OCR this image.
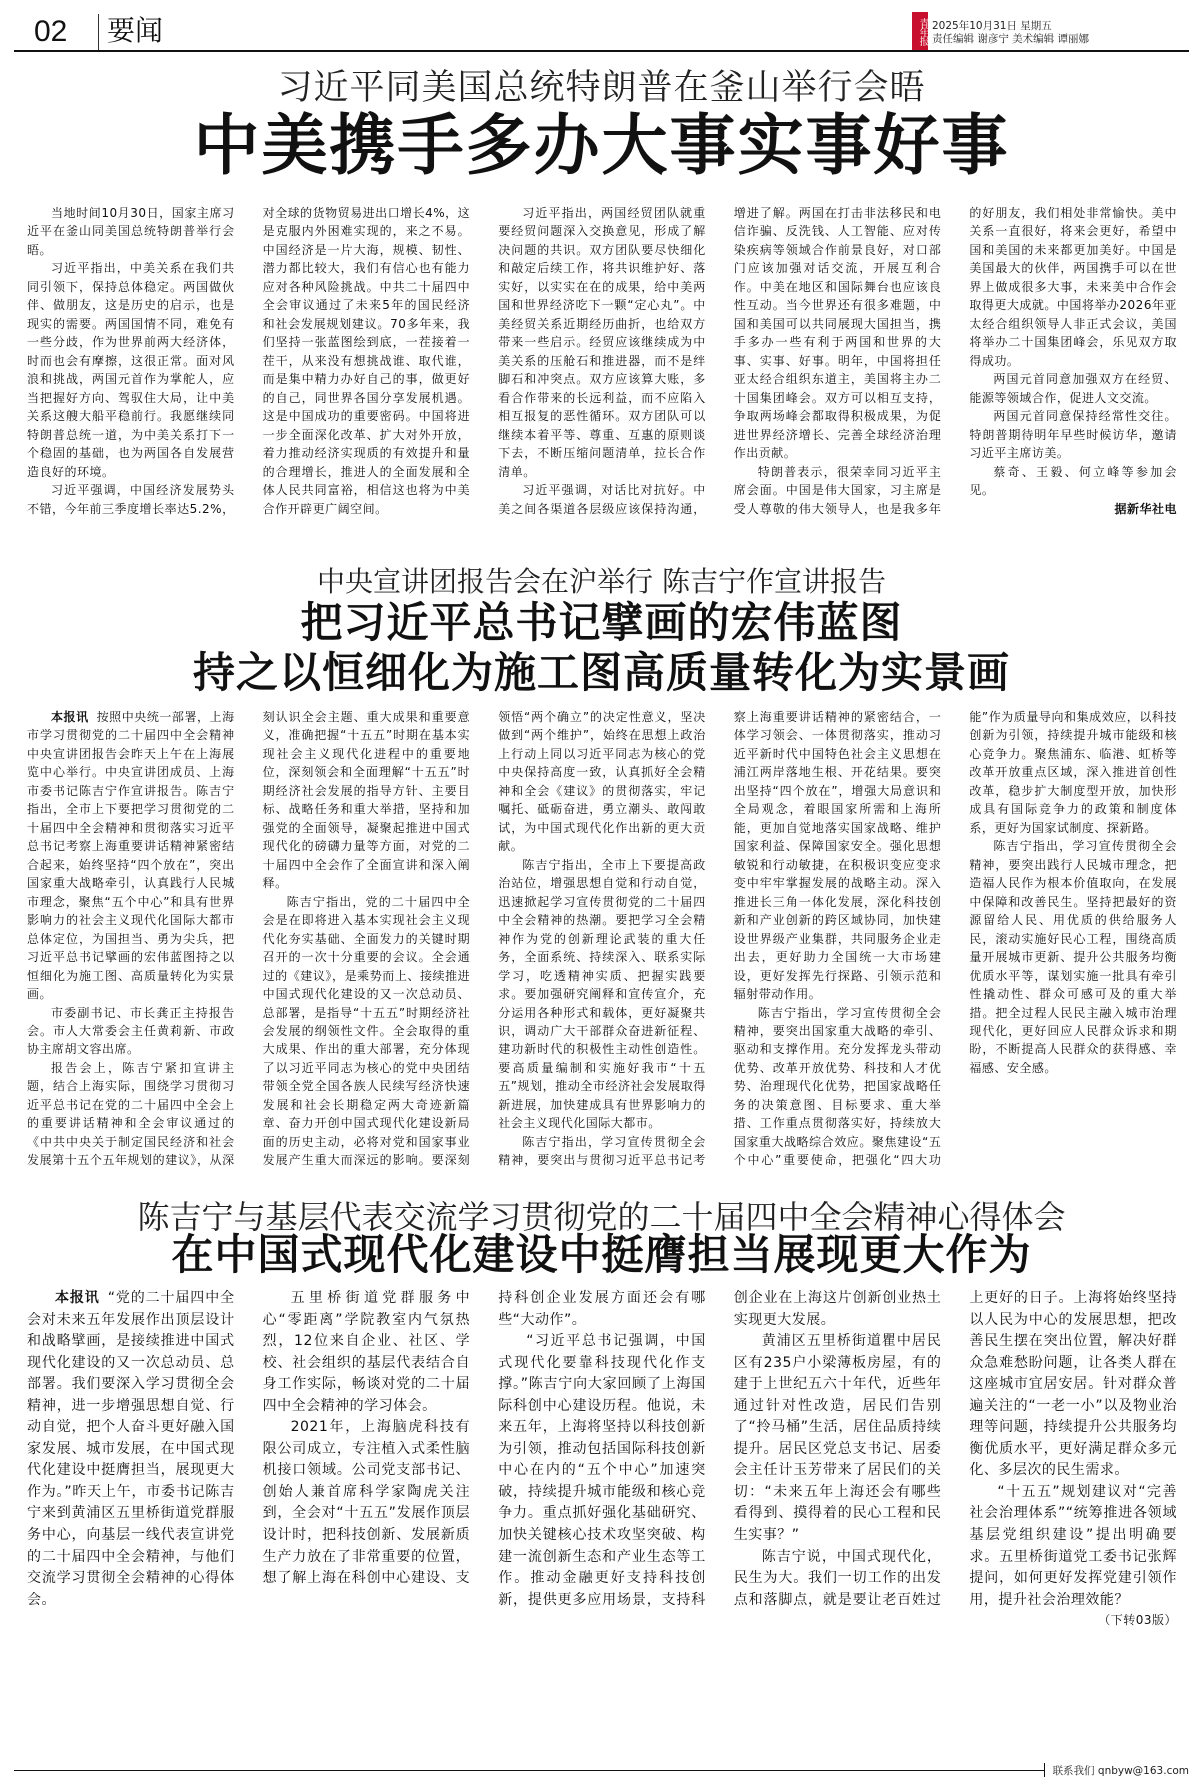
02 要闻	青年报 2025年10月31日 星期五
责任编辑 谢彦宁 美术编辑 谭丽娜
习近平同美国总统特朗普在釜山举行会晤
中美携手多办大事实事好事

当地时间10月30日，国家主席习近平在釜山同美国总统特朗普举行会晤。

习近平指出，中美关系在我们共同引领下，保持总体稳定。两国做伙伴、做朋友，这是历史的启示，也是现实的需要。两国国情不同，难免有一些分歧，作为世界前两大经济体，时而也会有摩擦，这很正常。面对风浪和挑战，两国元首作为掌舵人，应当把握好方向、驾驭住大局，让中美关系这艘大船平稳前行。我愿继续同特朗普总统一道，为中美关系打下一个稳固的基础，也为两国各自发展营造良好的环境。

习近平强调，中国经济发展势头不错，今年前三季度增长率达5.2%，对全球的货物贸易进出口增长4%，这是克服内外困难实现的，来之不易。中国经济是一片大海，规模、韧性、潜力都比较大，我们有信心也有能力应对各种风险挑战。中共二十届四中全会审议通过了未来5年的国民经济和社会发展规划建议。70多年来，我们坚持一张蓝图绘到底，一茬接着一茬干，从来没有想挑战谁、取代谁，而是集中精力办好自己的事，做更好的自己，同世界各国分享发展机遇。这是中国成功的重要密码。中国将进一步全面深化改革、扩大对外开放，着力推动经济实现质的有效提升和量的合理增长，推进人的全面发展和全体人民共同富裕，相信这也将为中美合作开辟更广阔空间。

习近平指出，两国经贸团队就重要经贸问题深入交换意见，形成了解决问题的共识。双方团队要尽快细化和敲定后续工作，将共识维护好、落实好，以实实在在的成果，给中美两国和世界经济吃下一颗“定心丸”。中美经贸关系近期经历曲折，也给双方带来一些启示。经贸应该继续成为中美关系的压舱石和推进器，而不是绊脚石和冲突点。双方应该算大账，多看合作带来的长远利益，而不应陷入相互报复的恶性循环。双方团队可以继续本着平等、尊重、互惠的原则谈下去，不断压缩问题清单，拉长合作清单。

习近平强调，对话比对抗好。中美之间各渠道各层级应该保持沟通，增进了解。两国在打击非法移民和电信诈骗、反洗钱、人工智能、应对传染疾病等领域合作前景良好，对口部门应该加强对话交流，开展互利合作。中美在地区和国际舞台也应该良性互动。当今世界还有很多难题，中国和美国可以共同展现大国担当，携手多办一些有利于两国和世界的大事、实事、好事。明年，中国将担任亚太经合组织东道主，美国将主办二十国集团峰会。双方可以相互支持，争取两场峰会都取得积极成果，为促进世界经济增长、完善全球经济治理作出贡献。

特朗普表示，很荣幸同习近平主席会面。中国是伟大国家，习主席是受人尊敬的伟大领导人，也是我多年的好朋友，我们相处非常愉快。美中关系一直很好，将来会更好，希望中国和美国的未来都更加美好。中国是美国最大的伙伴，两国携手可以在世界上做成很多大事，未来美中合作会取得更大成就。中国将举办2026年亚太经合组织领导人非正式会议，美国将举办二十国集团峰会，乐见双方取得成功。

两国元首同意加强双方在经贸、能源等领域合作，促进人文交流。

两国元首同意保持经常性交往。特朗普期待明年早些时候访华，邀请习近平主席访美。

蔡奇、王毅、何立峰等参加会见。

据新华社电

中央宣讲团报告会在沪举行 陈吉宁作宣讲报告
把习近平总书记擘画的宏伟蓝图
持之以恒细化为施工图高质量转化为实景画

本报讯 按照中央统一部署，上海市学习贯彻党的二十届四中全会精神中央宣讲团报告会昨天上午在上海展览中心举行。中央宣讲团成员、上海市委书记陈吉宁作宣讲报告。陈吉宁指出，全市上下要把学习贯彻党的二十届四中全会精神和贯彻落实习近平总书记考察上海重要讲话精神紧密结合起来，始终坚持“四个放在”，突出国家重大战略牵引，认真践行人民城市理念，聚焦“五个中心”和具有世界影响力的社会主义现代化国际大都市总体定位，为国担当、勇为尖兵，把习近平总书记擘画的宏伟蓝图持之以恒细化为施工图、高质量转化为实景画。

市委副书记、市长龚正主持报告会。市人大常委会主任黄莉新、市政协主席胡文容出席。

报告会上，陈吉宁紧扣宣讲主题，结合上海实际，围绕学习贯彻习近平总书记在党的二十届四中全会上的重要讲话精神和全会审议通过的《中共中央关于制定国民经济和社会发展第十五个五年规划的建议》，从深刻认识全会主题、重大成果和重要意义，准确把握“十五五”时期在基本实现社会主义现代化进程中的重要地位，深刻领会和全面理解“十五五”时期经济社会发展的指导方针、主要目标、战略任务和重大举措，坚持和加强党的全面领导，凝聚起推进中国式现代化的磅礴力量等方面，对党的二十届四中全会作了全面宣讲和深入阐释。

陈吉宁指出，党的二十届四中全会是在即将进入基本实现社会主义现代化夯实基础、全面发力的关键时期召开的一次十分重要的会议。全会通过的《建议》，是乘势而上、接续推进中国式现代化建设的又一次总动员、总部署，是指导“十五五”时期经济社会发展的纲领性文件。全会取得的重大成果、作出的重大部署，充分体现了以习近平同志为核心的党中央团结带领全党全国各族人民续写经济快速发展和社会长期稳定两大奇迹新篇章、奋力开创中国式现代化建设新局面的历史主动，必将对党和国家事业发展产生重大而深远的影响。要深刻领悟“两个确立”的决定性意义，坚决做到“两个维护”，始终在思想上政治上行动上同以习近平同志为核心的党中央保持高度一致，认真抓好全会精神和全会《建议》的贯彻落实，牢记嘱托、砥砺奋进，勇立潮头、敢闯敢试，为中国式现代化作出新的更大贡献。

陈吉宁指出，全市上下要提高政治站位，增强思想自觉和行动自觉，迅速掀起学习宣传贯彻党的二十届四中全会精神的热潮。要把学习全会精神作为党的创新理论武装的重大任务，全面系统、持续深入、联系实际学习，吃透精神实质、把握实践要求。要加强研究阐释和宣传宣介，充分运用各种形式和载体，更好凝聚共识，调动广大干部群众奋进新征程、建功新时代的积极性主动性创造性。要高质量编制和实施好我市“十五五”规划，推动全市经济社会发展取得新进展，加快建成具有世界影响力的社会主义现代化国际大都市。

陈吉宁指出，学习宣传贯彻全会精神，要突出与贯彻习近平总书记考察上海重要讲话精神的紧密结合，一体学习领会、一体贯彻落实，推动习近平新时代中国特色社会主义思想在浦江两岸落地生根、开花结果。要突出坚持“四个放在”，增强大局意识和全局观念，着眼国家所需和上海所能，更加自觉地落实国家战略、维护国家利益、保障国家安全。强化思想敏锐和行动敏捷，在积极识变应变求变中牢牢掌握发展的战略主动。深入推进长三角一体化发展，深化科技创新和产业创新的跨区域协同，加快建设世界级产业集群，共同服务企业走出去，更好助力全国统一大市场建设，更好发挥先行探路、引领示范和辐射带动作用。

陈吉宁指出，学习宣传贯彻全会精神，要突出国家重大战略的牵引、驱动和支撑作用。充分发挥龙头带动优势、改革开放优势、科技和人才优势、治理现代化优势，把国家战略任务的决策意图、目标要求、重大举措、工作重点贯彻落实好，持续放大国家重大战略综合效应。聚焦建设“五个中心”重要使命，把强化“四大功能”作为质量导向和集成效应，以科技创新为引领，持续提升城市能级和核心竞争力。聚焦浦东、临港、虹桥等改革开放重点区域，深入推进首创性改革，稳步扩大制度型开放，加快形成具有国际竞争力的政策和制度体系，更好为国家试制度、探新路。

陈吉宁指出，学习宣传贯彻全会精神，要突出践行人民城市理念，把造福人民作为根本价值取向，在发展中保障和改善民生。坚持把最好的资源留给人民、用优质的供给服务人民，滚动实施好民心工程，围绕高质量开展城市更新、提升公共服务均衡优质水平等，谋划实施一批具有牵引性撬动性、群众可感可及的重大举措。把全过程人民民主融入城市治理现代化，更好回应人民群众诉求和期盼，不断提高人民群众的获得感、幸福感、安全感。

陈吉宁与基层代表交流学习贯彻党的二十届四中全会精神心得体会
在中国式现代化建设中挺膺担当展现更大作为

本报讯 “党的二十届四中全会对未来五年发展作出顶层设计和战略擘画，是接续推进中国式现代化建设的又一次总动员、总部署。我们要深入学习贯彻全会精神，进一步增强思想自觉、行动自觉，把个人奋斗更好融入国家发展、城市发展，在中国式现代化建设中挺膺担当，展现更大作为。”昨天上午，市委书记陈吉宁来到黄浦区五里桥街道党群服务中心，向基层一线代表宣讲党的二十届四中全会精神，与他们交流学习贯彻全会精神的心得体会。

五里桥街道党群服务中心“零距离”学院教室内气氛热烈，12位来自企业、社区、学校、社会组织的基层代表结合自身工作实际，畅谈对党的二十届四中全会精神的学习体会。

2021年，上海脑虎科技有限公司成立，专注植入式柔性脑机接口领域。公司党支部书记、创始人兼首席科学家陶虎关注到，全会对“十五五”发展作顶层设计时，把科技创新、发展新质生产力放在了非常重要的位置，想了解上海在科创中心建设、支持科创企业发展方面还会有哪些“大动作”。

“习近平总书记强调，中国式现代化要靠科技现代化作支撑。”陈吉宁向大家回顾了上海国际科创中心建设历程。他说，未来五年，上海将坚持以科技创新为引领，推动包括国际科技创新中心在内的“五个中心”加速突破，持续提升城市能级和核心竞争力。重点抓好强化基础研究、加快关键核心技术攻坚突破、构建一流创新生态和产业生态等工作。推动金融更好支持科技创新，提供更多应用场景，支持科创企业在上海这片创新创业热土实现更大发展。

黄浦区五里桥街道瞿中居民区有235户小梁薄板房屋，有的建于上世纪五六十年代，近些年通过针对性改造，居民们告别了“拎马桶”生活，居住品质持续提升。居民区党总支书记、居委会主任计玉芳带来了居民们的关切：“未来五年上海还会有哪些看得到、摸得着的民心工程和民生实事？”

陈吉宁说，中国式现代化，民生为大。我们一切工作的出发点和落脚点，就是要让老百姓过上更好的日子。上海将始终坚持以人民为中心的发展思想，把改善民生摆在突出位置，解决好群众急难愁盼问题，让各类人群在这座城市宜居安居。针对群众普遍关注的“一老一小”以及物业治理等问题，持续提升公共服务均衡优质水平，更好满足群众多元化、多层次的民生需求。

“十五五”规划建议对“完善社会治理体系”“统筹推进各领域基层党组织建设”提出明确要求。五里桥街道党工委书记张辉提问，如何更好发挥党建引领作用，提升社会治理效能？

（下转03版）

联系我们 qnbyw@163.com
